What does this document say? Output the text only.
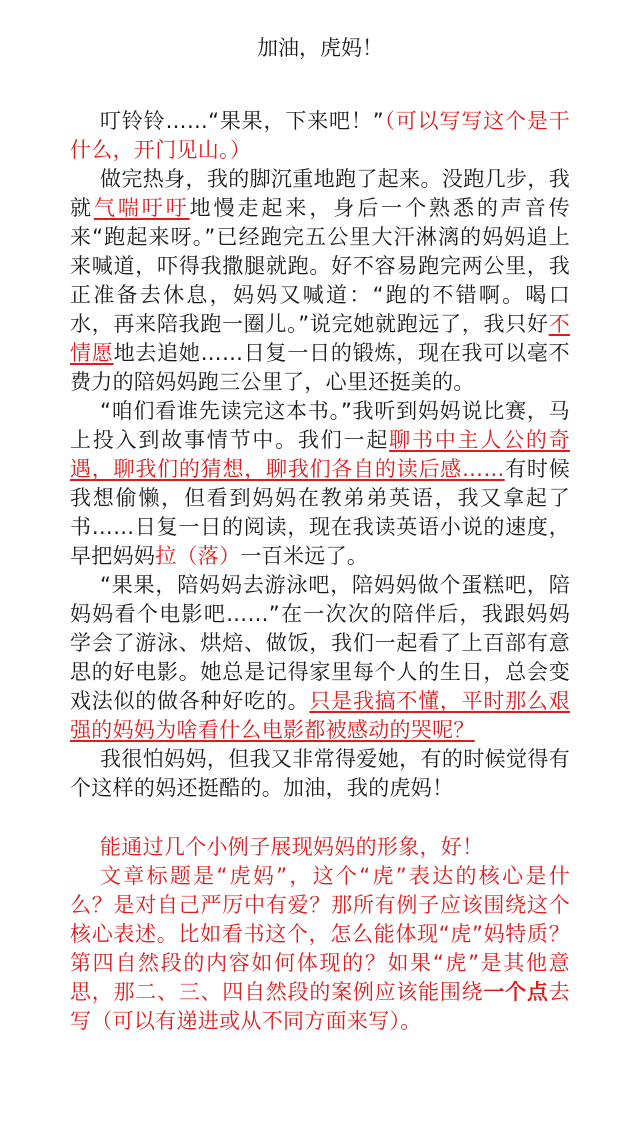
加油，虎妈！

叮铃铃……“果果，下来吧！”（可以写写这个是干什么，开门见山。）

做完热身，我的脚沉重地跑了起来。没跑几步，我就气喘吁吁地慢走起来，身后一个熟悉的声音传来“跑起来呀。”已经跑完五公里大汗淋漓的妈妈追上来喊道，吓得我撒腿就跑。好不容易跑完两公里，我正准备去休息，妈妈又喊道：“跑的不错啊。喝口水，再来陪我跑一圈儿。”说完她就跑远了，我只好不情愿地去追她……日复一日的锻炼，现在我可以毫不费力的陪妈妈跑三公里了，心里还挺美的。

“咱们看谁先读完这本书。”我听到妈妈说比赛，马上投入到故事情节中。我们一起聊书中主人公的奇遇，聊我们的猜想，聊我们各自的读后感……有时候我想偷懒，但看到妈妈在教弟弟英语，我又拿起了书……日复一日的阅读，现在我读英语小说的速度，早把妈妈拉（落）一百米远了。

“果果，陪妈妈去游泳吧，陪妈妈做个蛋糕吧，陪妈妈看个电影吧……”在一次次的陪伴后，我跟妈妈学会了游泳、烘焙、做饭，我们一起看了上百部有意思的好电影。她总是记得家里每个人的生日，总会变戏法似的做各种好吃的。只是我搞不懂，平时那么艰强的妈妈为啥看什么电影都被感动的哭呢？

我很怕妈妈，但我又非常得爱她，有的时候觉得有个这样的妈还挺酷的。加油，我的虎妈！

能通过几个小例子展现妈妈的形象，好！

文章标题是“虎妈”，这个“虎”表达的核心是什么？是对自己严厉中有爱？那所有例子应该围绕这个核心表述。比如看书这个，怎么能体现“虎”妈特质？第四自然段的内容如何体现的？如果“虎”是其他意思，那二、三、四自然段的案例应该能围绕一个点去写（可以有递进或从不同方面来写）。
